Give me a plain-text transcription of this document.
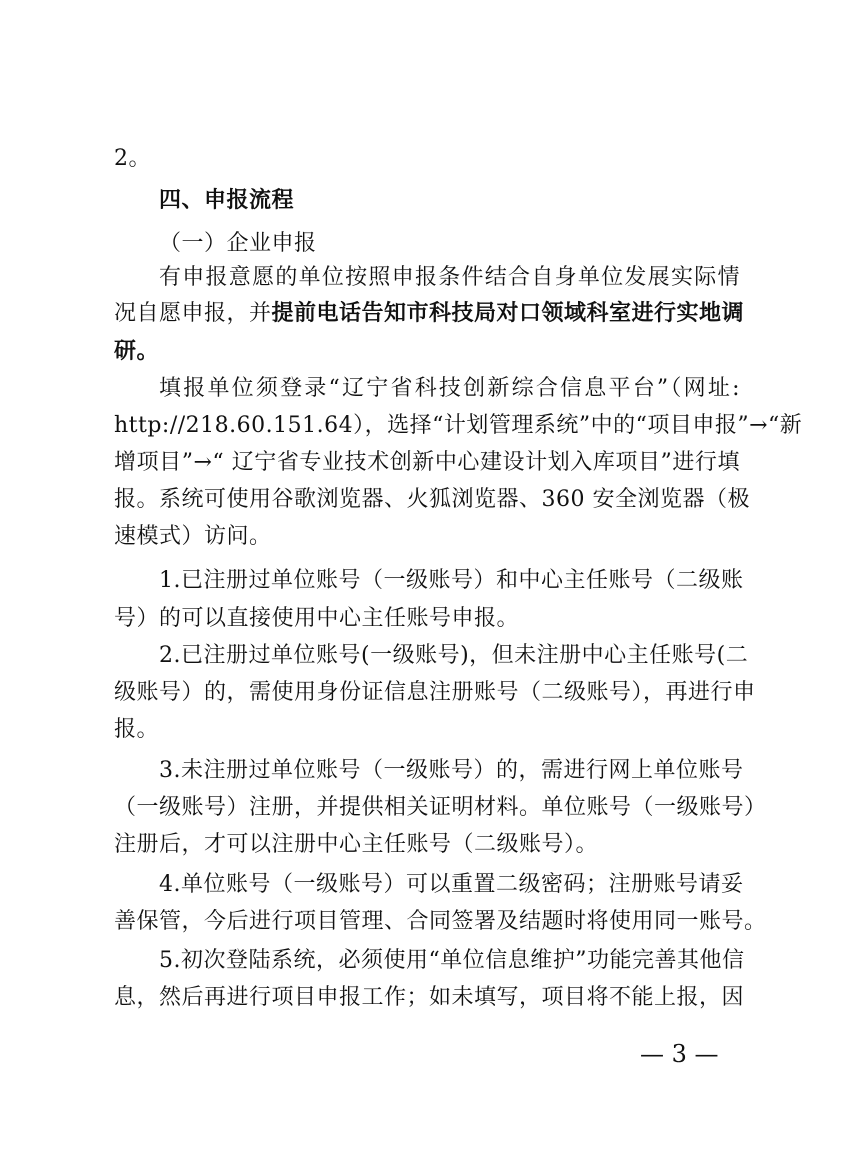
2。
四、申报流程
（一）企业申报
有申报意愿的单位按照申报条件结合自身单位发展实际情
况自愿申报，并提前电话告知市科技局对口领域科室进行实地调
研。
填报单位须登录“辽宁省科技创新综合信息平台”（网址:
http://218.60.151.64），选择“计划管理系统”中的“项目申报”→“新
增项目”→“ 辽宁省专业技术创新中心建设计划入库项目”进行填
报。系统可使用谷歌浏览器、火狐浏览器、360 安全浏览器（极
速模式）访问。
1.已注册过单位账号（一级账号）和中心主任账号（二级账
号）的可以直接使用中心主任账号申报。
2.已注册过单位账号(一级账号)，但未注册中心主任账号(二
级账号）的，需使用身份证信息注册账号（二级账号），再进行申
报。
3.未注册过单位账号（一级账号）的，需进行网上单位账号
（一级账号）注册，并提供相关证明材料。单位账号（一级账号）
注册后，才可以注册中心主任账号（二级账号）。
4.单位账号（一级账号）可以重置二级密码；注册账号请妥
善保管，今后进行项目管理、合同签署及结题时将使用同一账号。
5.初次登陆系统，必须使用“单位信息维护”功能完善其他信
息，然后再进行项目申报工作；如未填写，项目将不能上报，因
— 3 —
